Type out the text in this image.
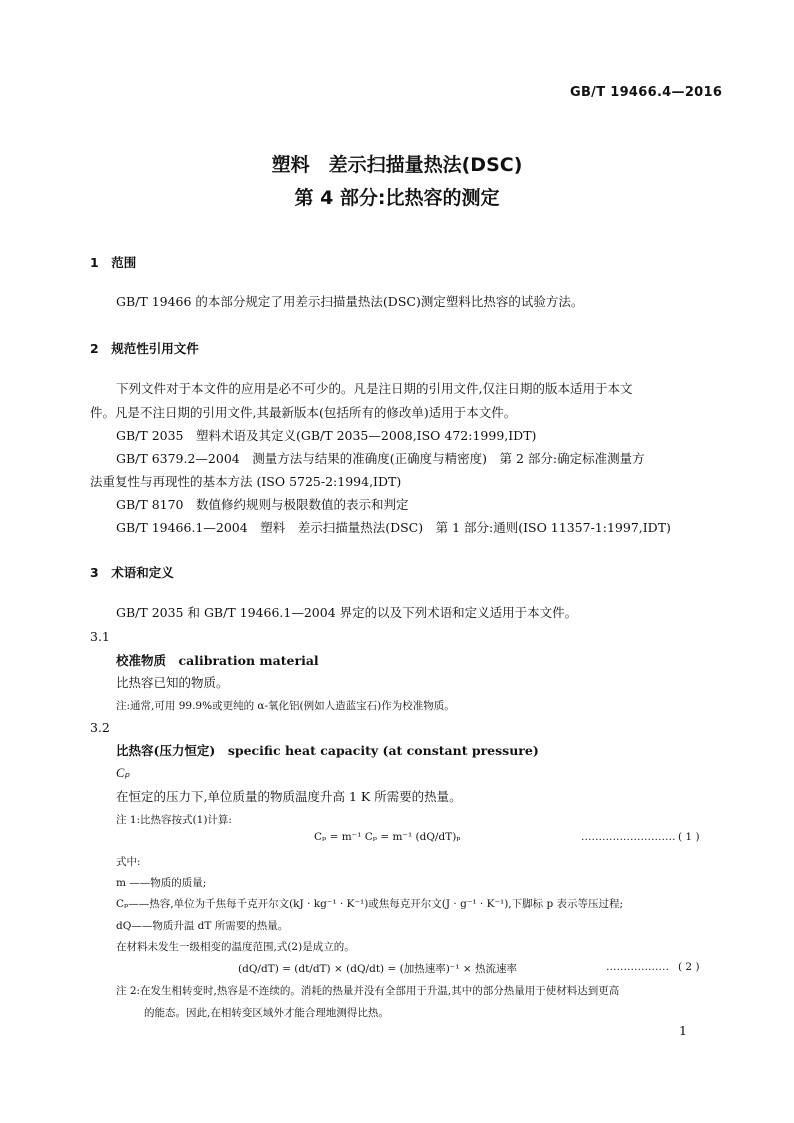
GB/T 19466.4—2016
塑料　差示扫描量热法(DSC)
第 4 部分:比热容的测定
1　范围
GB/T 19466 的本部分规定了用差示扫描量热法(DSC)测定塑料比热容的试验方法。
2　规范性引用文件
下列文件对于本文件的应用是必不可少的。凡是注日期的引用文件,仅注日期的版本适用于本文
件。凡是不注日期的引用文件,其最新版本(包括所有的修改单)适用于本文件。
GB/T 2035　塑料术语及其定义(GB/T 2035—2008,ISO 472:1999,IDT)
GB/T 6379.2—2004　测量方法与结果的准确度(正确度与精密度)　第 2 部分:确定标准测量方
法重复性与再现性的基本方法 (ISO 5725-2:1994,IDT)
GB/T 8170　数值修约规则与极限数值的表示和判定
GB/T 19466.1—2004　塑料　差示扫描量热法(DSC)　第 1 部分:通则(ISO 11357-1:1997,IDT)
3　术语和定义
GB/T 2035 和 GB/T 19466.1—2004 界定的以及下列术语和定义适用于本文件。
3.1
校准物质　calibration material
比热容已知的物质。
注:通常,可用 99.9%或更纯的 α-氧化铝(例如人造蓝宝石)作为校准物质。
3.2
比热容(压力恒定)　specific heat capacity (at constant pressure)
Cₚ
在恒定的压力下,单位质量的物质温度升高 1 K 所需要的热量。
注 1:比热容按式(1)计算:
Cₚ = m⁻¹ Cₚ = m⁻¹ (dQ/dT)ₚ	……………………… ( 1 )
式中:
m ——物质的质量;
Cₚ——热容,单位为千焦每千克开尔文(kJ · kg⁻¹ · K⁻¹)或焦每克开尔文(J · g⁻¹ · K⁻¹),下脚标 p 表示等压过程;
dQ——物质升温 dT 所需要的热量。
在材料未发生一级相变的温度范围,式(2)是成立的。
(dQ/dT) = (dt/dT) × (dQ/dt) = (加热速率)⁻¹ × 热流速率	……………… ( 2 )
注 2:在发生相转变时,热容是不连续的。消耗的热量并没有全部用于升温,其中的部分热量用于使材料达到更高
的能态。因此,在相转变区域外才能合理地测得比热。
1
